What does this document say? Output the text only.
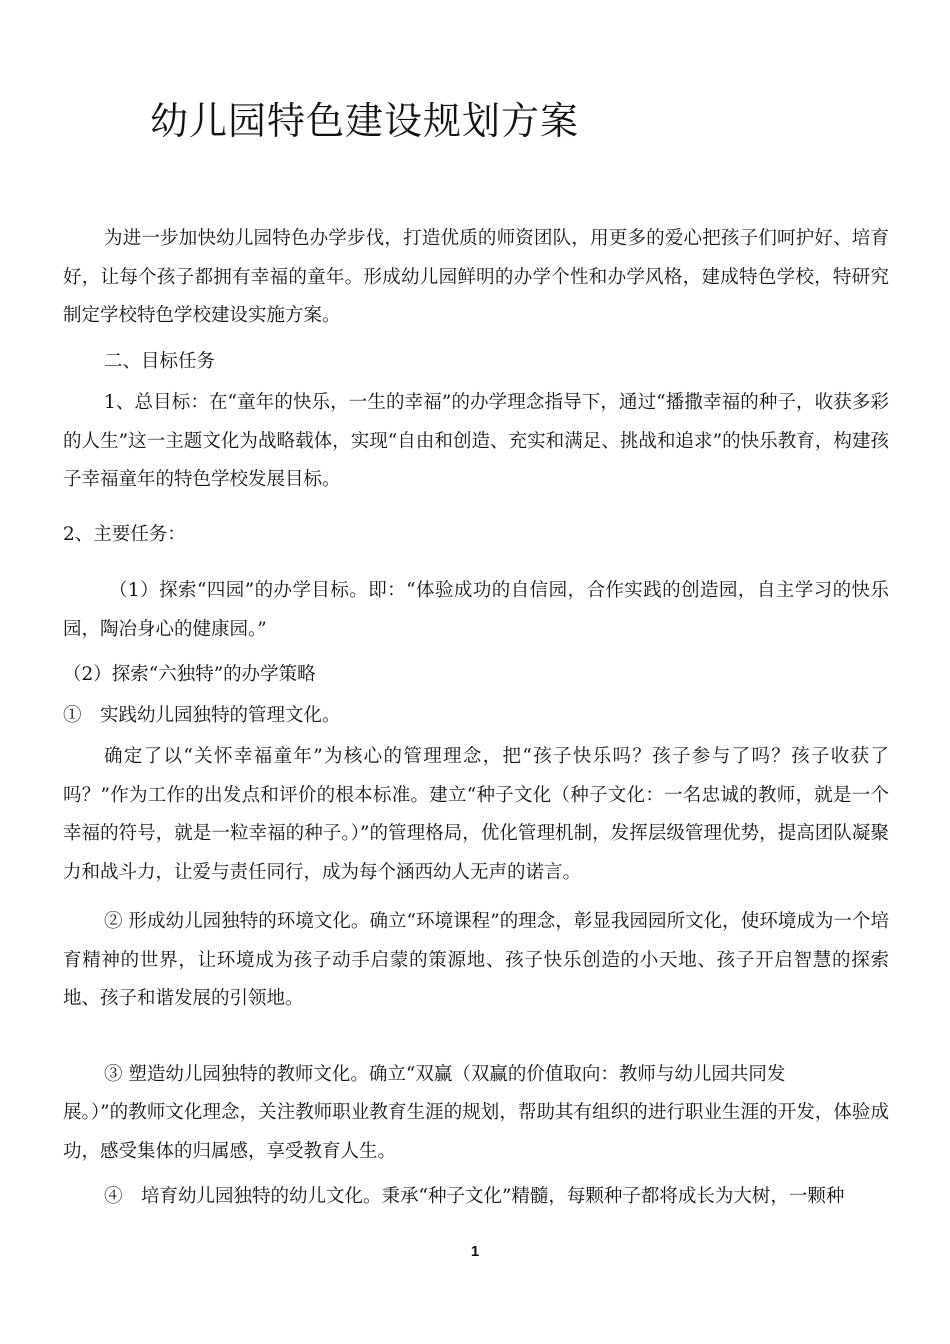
幼儿园特色建设规划方案

为进一步加快幼儿园特色办学步伐，打造优质的师资团队，用更多的爱心把孩子们呵护好、培育好，让每个孩子都拥有幸福的童年。形成幼儿园鲜明的办学个性和办学风格，建成特色学校，特研究制定学校特色学校建设实施方案。

二、目标任务

1、总目标：在“童年的快乐，一生的幸福”的办学理念指导下，通过“播撒幸福的种子，收获多彩的人生”这一主题文化为战略载体，实现“自由和创造、充实和满足、挑战和追求”的快乐教育，构建孩子幸福童年的特色学校发展目标。

2、主要任务：

（1）探索“四园”的办学目标。即：“体验成功的自信园，合作实践的创造园，自主学习的快乐园，陶冶身心的健康园。”

（2）探索“六独特”的办学策略

①　实践幼儿园独特的管理文化。

确定了以“关怀幸福童年”为核心的管理理念，把“孩子快乐吗？孩子参与了吗？孩子收获了吗？”作为工作的出发点和评价的根本标准。建立“种子文化（种子文化：一名忠诚的教师，就是一个幸福的符号，就是一粒幸福的种子。）”的管理格局，优化管理机制，发挥层级管理优势，提高团队凝聚力和战斗力，让爱与责任同行，成为每个涵西幼人无声的诺言。

② 形成幼儿园独特的环境文化。确立“环境课程”的理念，彰显我园园所文化，使环境成为一个培育精神的世界，让环境成为孩子动手启蒙的策源地、孩子快乐创造的小天地、孩子开启智慧的探索地、孩子和谐发展的引领地。

③ 塑造幼儿园独特的教师文化。确立“双赢（双赢的价值取向：教师与幼儿园共同发

展。）”的教师文化理念，关注教师职业教育生涯的规划，帮助其有组织的进行职业生涯的开发，体验成功，感受集体的归属感，享受教育人生。

④　培育幼儿园独特的幼儿文化。秉承“种子文化”精髓，每颗种子都将成长为大树，一颗种

1
